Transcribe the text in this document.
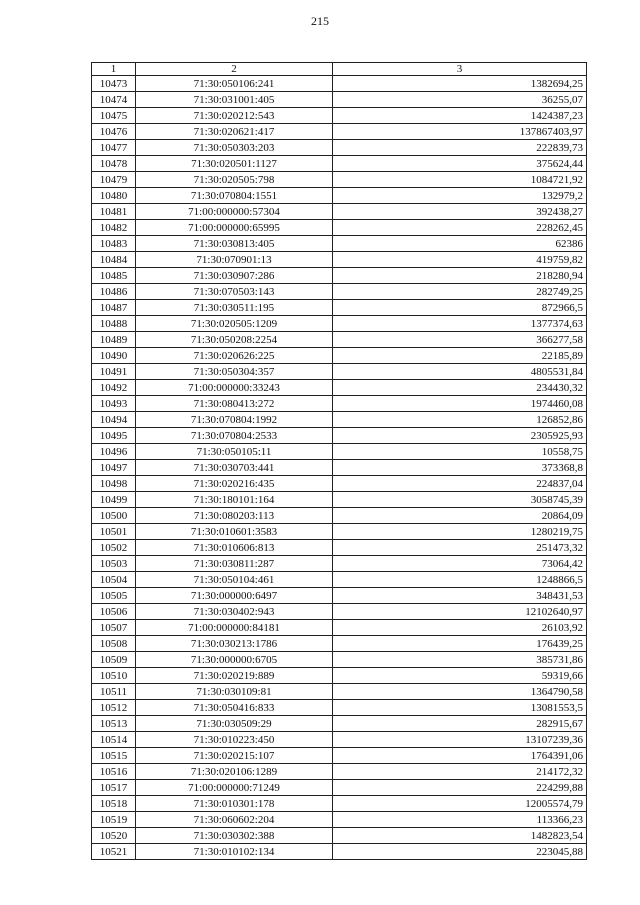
215
1	2	3
10473	71:30:050106:241	1382694,25
10474	71:30:031001:405	36255,07
10475	71:30:020212:543	1424387,23
10476	71:30:020621:417	137867403,97
10477	71:30:050303:203	222839,73
10478	71:30:020501:1127	375624,44
10479	71:30:020505:798	1084721,92
10480	71:30:070804:1551	132979,2
10481	71:00:000000:57304	392438,27
10482	71:00:000000:65995	228262,45
10483	71:30:030813:405	62386
10484	71:30:070901:13	419759,82
10485	71:30:030907:286	218280,94
10486	71:30:070503:143	282749,25
10487	71:30:030511:195	872966,5
10488	71:30:020505:1209	1377374,63
10489	71:30:050208:2254	366277,58
10490	71:30:020626:225	22185,89
10491	71:30:050304:357	4805531,84
10492	71:00:000000:33243	234430,32
10493	71:30:080413:272	1974460,08
10494	71:30:070804:1992	126852,86
10495	71:30:070804:2533	2305925,93
10496	71:30:050105:11	10558,75
10497	71:30:030703:441	373368,8
10498	71:30:020216:435	224837,04
10499	71:30:180101:164	3058745,39
10500	71:30:080203:113	20864,09
10501	71:30:010601:3583	1280219,75
10502	71:30:010606:813	251473,32
10503	71:30:030811:287	73064,42
10504	71:30:050104:461	1248866,5
10505	71:30:000000:6497	348431,53
10506	71:30:030402:943	12102640,97
10507	71:00:000000:84181	26103,92
10508	71:30:030213:1786	176439,25
10509	71:30:000000:6705	385731,86
10510	71:30:020219:889	59319,66
10511	71:30:030109:81	1364790,58
10512	71:30:050416:833	13081553,5
10513	71:30:030509:29	282915,67
10514	71:30:010223:450	13107239,36
10515	71:30:020215:107	1764391,06
10516	71:30:020106:1289	214172,32
10517	71:00:000000:71249	224299,88
10518	71:30:010301:178	12005574,79
10519	71:30:060602:204	113366,23
10520	71:30:030302:388	1482823,54
10521	71:30:010102:134	223045,88
